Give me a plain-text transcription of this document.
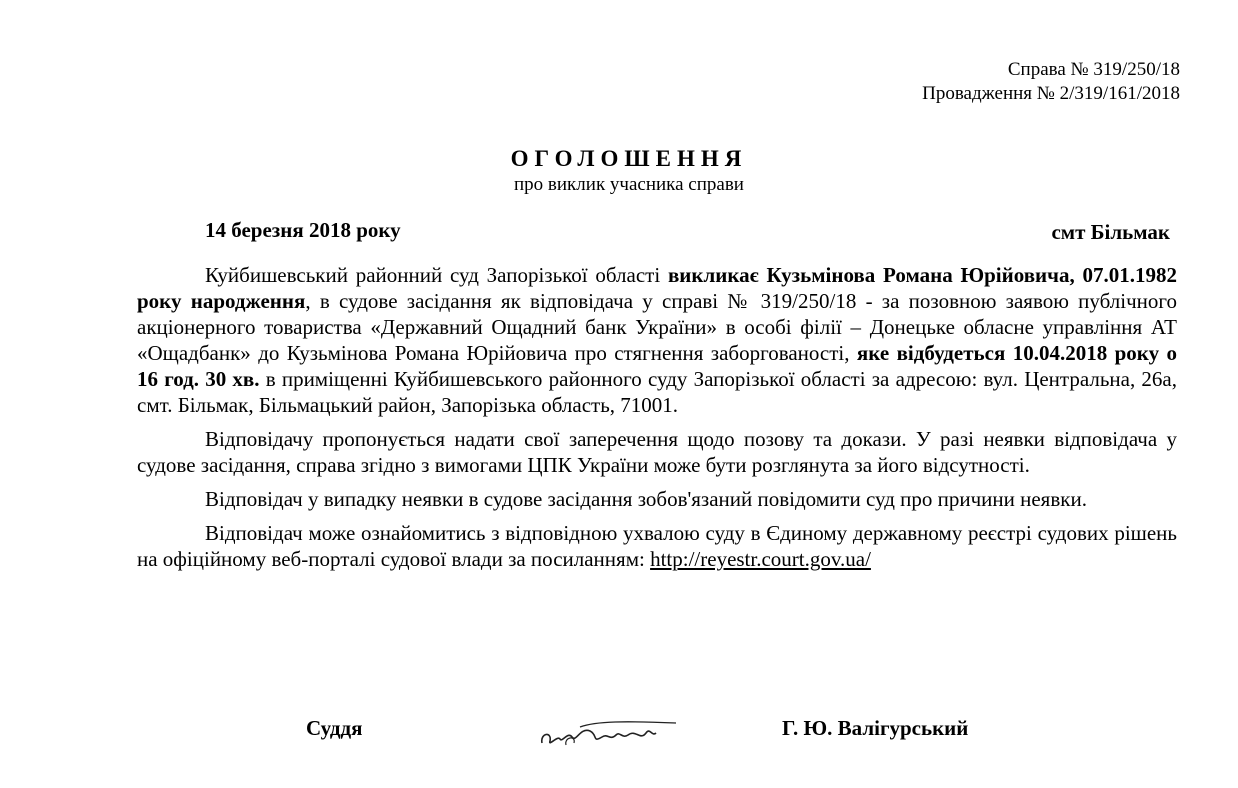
Справа № 319/250/18
Провадження № 2/319/161/2018
ОГОЛОШЕННЯ
про виклик учасника справи
14 березня 2018 року	смт Більмак

Куйбишевський районний суд Запорізької області викликає Кузьмінова Романа Юрійовича, 07.01.1982 року народження, в судове засідання як відповідача у справі № 319/250/18 - за позовною заявою публічного акціонерного товариства «Державний Ощадний банк України» в особі філії – Донецьке обласне управління АТ «Ощадбанк» до Кузьмінова Романа Юрійовича про стягнення заборгованості, яке відбудеться 10.04.2018 року о 16 год. 30 хв. в приміщенні Куйбишевського районного суду Запорізької області за адресою: вул. Центральна, 26а, смт. Більмак, Більмацький район, Запорізька область, 71001.

Відповідачу пропонується надати свої заперечення щодо позову та докази. У разі неявки відповідача у судове засідання, справа згідно з вимогами ЦПК України може бути розглянута за його відсутності.

Відповідач у випадку неявки в судове засідання зобов'язаний повідомити суд про причини неявки.

Відповідач може ознайомитись з відповідною ухвалою суду в Єдиному державному реєстрі судових рішень на офіційному веб-порталі судової влади за посиланням: http://reyestr.court.gov.ua/

Суддя	Г. Ю. Валігурський
